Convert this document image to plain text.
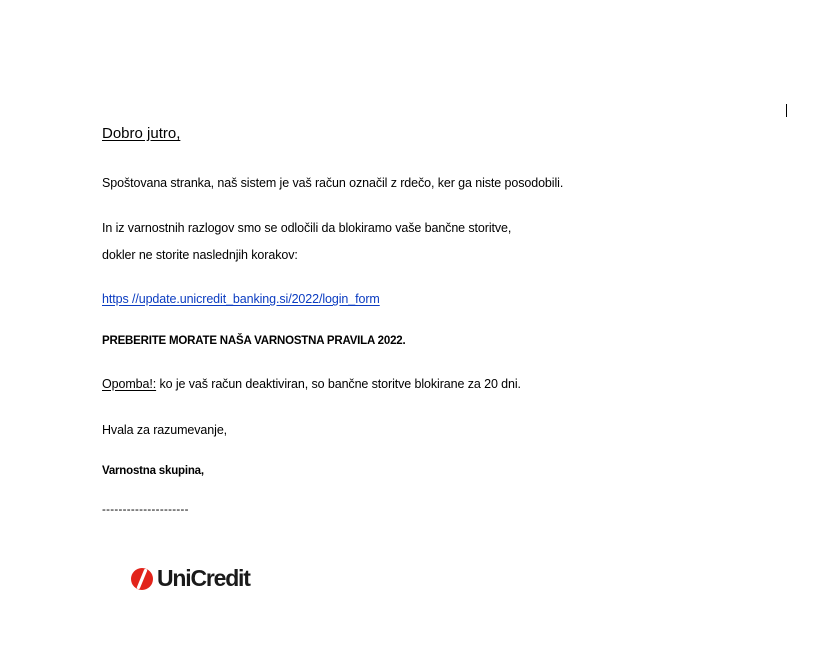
Dobro jutro,
Spoštovana stranka, naš sistem je vaš račun označil z rdečo, ker ga niste posodobili.
In iz varnostnih razlogov smo se odločili da blokiramo vaše bančne storitve,
dokler ne storite naslednjih korakov:
https //update.unicredit_banking.si/2022/login_form
PREBERITE MORATE NAŠA VARNOSTNA PRAVILA 2022.
Opomba!: ko je vaš račun deaktiviran, so bančne storitve blokirane za 20 dni.
Hvala za razumevanje,
Varnostna skupina,
---------------------
UniCredit
